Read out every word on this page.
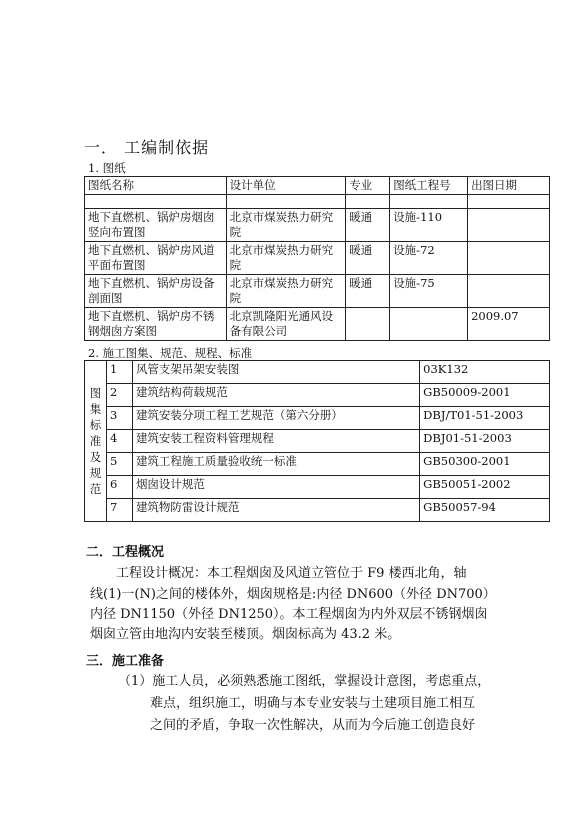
一． 工编制依据
1. 图纸
图纸名称	设计单位	专业	图纸工程号	出图日期

地下直燃机、锅炉房烟囱竖向布置图	北京市煤炭热力研究院	暖通	设施-110	
地下直燃机、锅炉房风道平面布置图	北京市煤炭热力研究院	暖通	设施-72	
地下直燃机、锅炉房设备剖面图	北京市煤炭热力研究院	暖通	设施-75	
地下直燃机、锅炉房不锈钢烟囱方案图	北京凯隆阳光通风设备有限公司			2009.07
2. 施工图集、规范、规程、标准
图集标准及规范	1	风管支架吊架安装图	03K132
	2	建筑结构荷载规范	GB50009-2001
	3	建筑安装分项工程工艺规范（第六分册）	DBJ/T01-51-2003
	4	建筑安装工程资料管理规程	DBJ01-51-2003
	5	建筑工程施工质量验收统一标准	GB50300-2001
	6	烟囱设计规范	GB50051-2002
	7	建筑物防雷设计规范	GB50057-94
二．工程概况
工程设计概况：本工程烟囱及风道立管位于 F9 楼西北角，轴
线(1)一(N)之间的楼体外，烟囱规格是:内径 DN600（外径 DN700）
内径 DN1150（外径 DN1250）。本工程烟囱为内外双层不锈钢烟囱
烟囱立管由地沟内安装至楼顶。烟囱标高为 43.2 米。
三．施工准备
（1）施工人员，必须熟悉施工图纸，掌握设计意图，考虑重点，
难点，组织施工，明确与本专业安装与土建项目施工相互
之间的矛盾，争取一次性解决，从而为今后施工创造良好
